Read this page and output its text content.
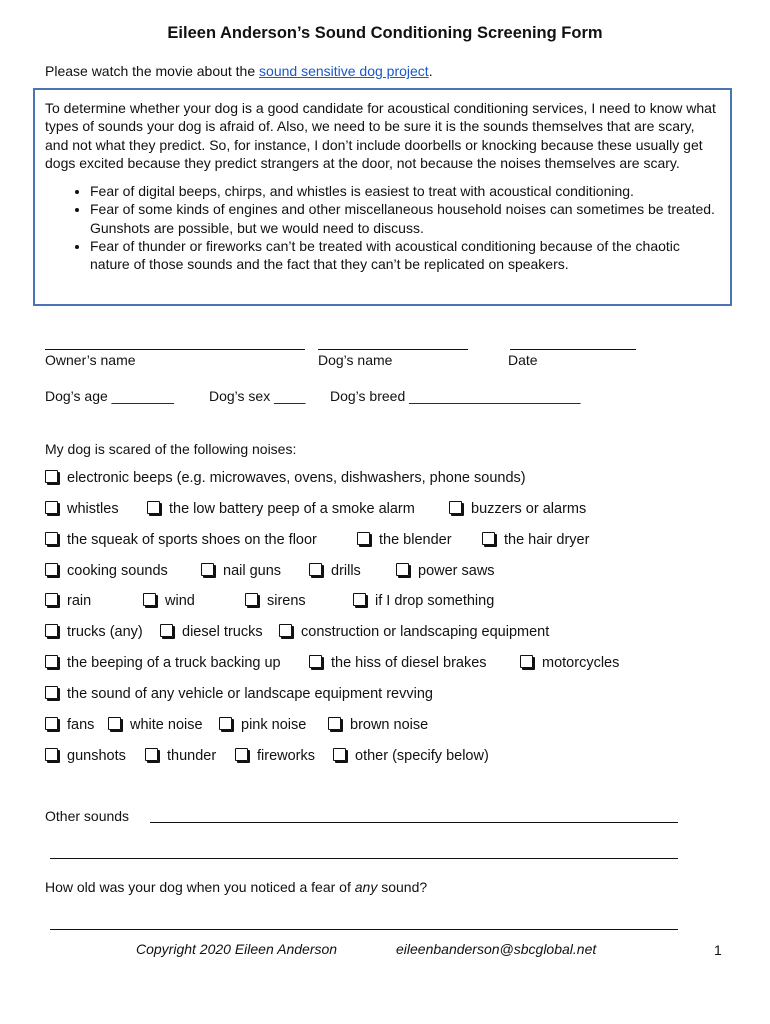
Eileen Anderson’s Sound Conditioning Screening Form
Please watch the movie about the sound sensitive dog project.

To determine whether your dog is a good candidate for acoustical conditioning services, I need to know what types of sounds your dog is afraid of. Also, we need to be sure it is the sounds themselves that are scary, and not what they predict. So, for instance, I don’t include doorbells or knocking because these usually get dogs excited because they predict strangers at the door, not because the noises themselves are scary.

• Fear of digital beeps, chirps, and whistles is easiest to treat with acoustical conditioning.
• Fear of some kinds of engines and other miscellaneous household noises can sometimes be treated. Gunshots are possible, but we would need to discuss.
• Fear of thunder or fireworks can’t be treated with acoustical conditioning because of the chaotic nature of those sounds and the fact that they can’t be replicated on speakers.
Owner’s name	Dog’s name	Date
Dog’s age ________	Dog’s sex ____ Dog’s breed ______________________
My dog is scared of the following noises:
electronic beeps (e.g. microwaves, ovens, dishwashers, phone sounds)
whistles	the low battery peep of a smoke alarm	buzzers or alarms
the squeak of sports shoes on the floor	the blender	the hair dryer
cooking sounds	nail guns	drills	power saws
rain	wind	sirens	if I drop something
trucks (any)	diesel trucks	construction or landscaping equipment
the beeping of a truck backing up	the hiss of diesel brakes	motorcycles
the sound of any vehicle or landscape equipment revving
fans	white noise	pink noise	brown noise
gunshots	thunder	fireworks	other (specify below)
Other sounds
How old was your dog when you noticed a fear of any sound?
Copyright 2020 Eileen Anderson	eileenbanderson@sbcglobal.net	1
